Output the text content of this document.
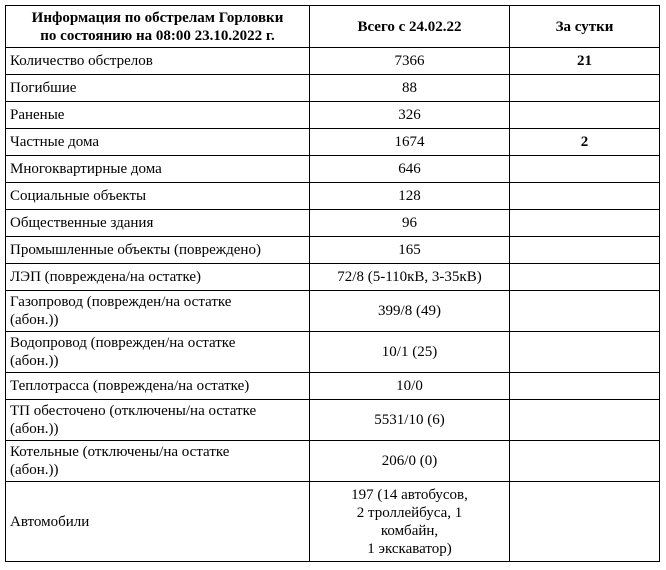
Информация по обстрелам Горловки
по состоянию на 08:00 23.10.2022 г.	Всего с 24.02.22	За сутки
Количество обстрелов	7366	21
Погибшие	88	
Раненые	326	
Частные дома	1674	2
Многоквартирные дома	646	
Социальные объекты	128	
Общественные здания	96	
Промышленные объекты (повреждено)	165	
ЛЭП (повреждена/на остатке)	72/8 (5-110кВ, 3-35кВ)	
Газопровод (поврежден/на остатке
(абон.))	399/8 (49)	
Водопровод (поврежден/на остатке
(абон.))	10/1 (25)	
Теплотрасса (повреждена/на остатке)	10/0	
ТП обесточено (отключены/на остатке
(абон.))	5531/10 (6)	
Котельные (отключены/на остатке
(абон.))	206/0 (0)	
Автомобили	197 (14 автобусов,
2 троллейбуса, 1
комбайн,
1 экскаватор)	
